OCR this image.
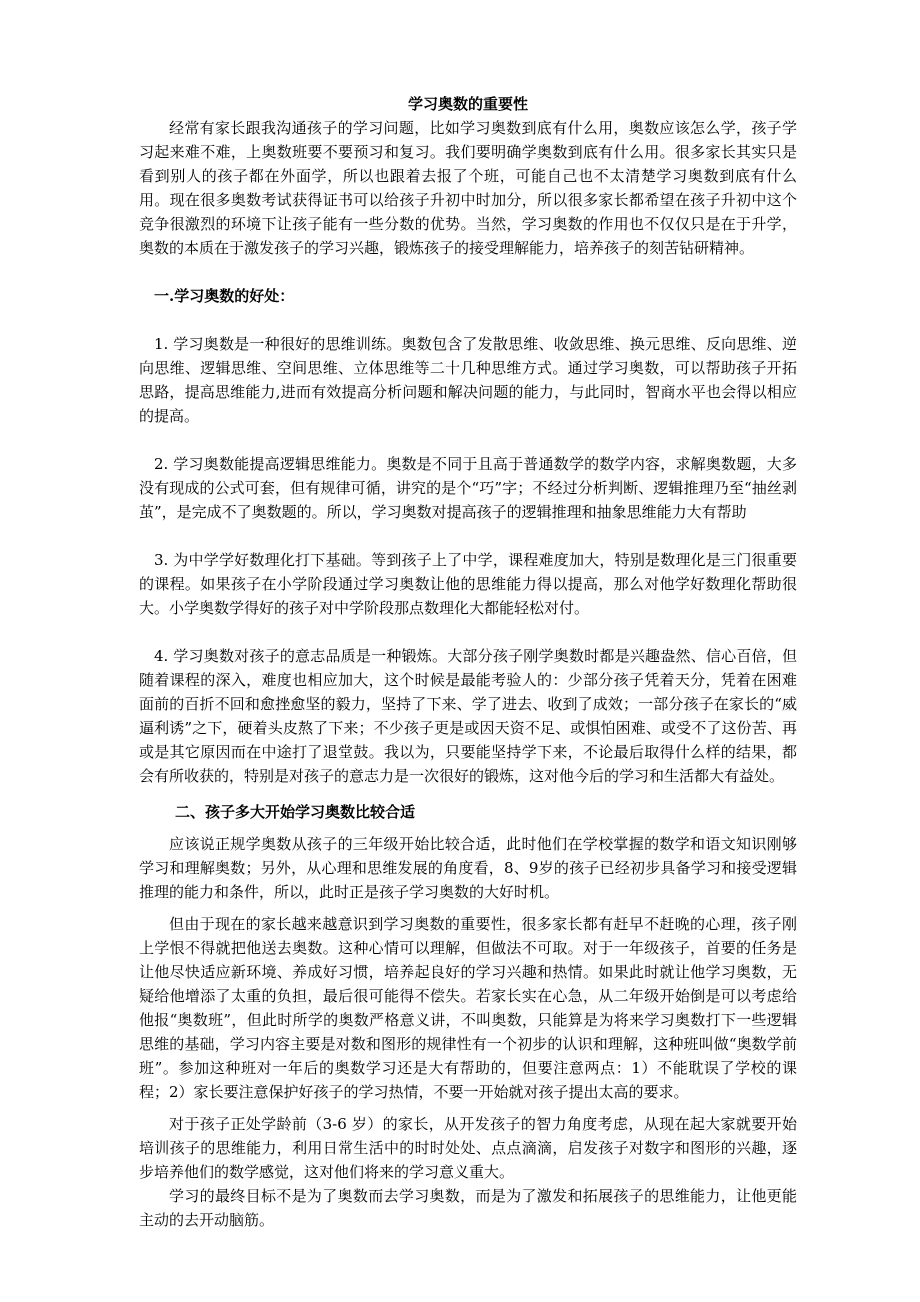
学习奥数的重要性

经常有家长跟我沟通孩子的学习问题，比如学习奥数到底有什么用，奥数应该怎么学，孩子学习起来难不难，上奥数班要不要预习和复习。我们要明确学奥数到底有什么用。很多家长其实只是看到别人的孩子都在外面学，所以也跟着去报了个班，可能自己也不太清楚学习奥数到底有什么用。现在很多奥数考试获得证书可以给孩子升初中时加分，所以很多家长都希望在孩子升初中这个竞争很激烈的环境下让孩子能有一些分数的优势。当然，学习奥数的作用也不仅仅只是在于升学，奥数的本质在于激发孩子的学习兴趣，锻炼孩子的接受理解能力，培养孩子的刻苦钻研精神。

一.学习奥数的好处：

1. 学习奥数是一种很好的思维训练。奥数包含了发散思维、收敛思维、换元思维、反向思维、逆向思维、逻辑思维、空间思维、立体思维等二十几种思维方式。通过学习奥数，可以帮助孩子开拓思路，提高思维能力,进而有效提高分析问题和解决问题的能力，与此同时，智商水平也会得以相应的提高。

2. 学习奥数能提高逻辑思维能力。奥数是不同于且高于普通数学的数学内容，求解奥数题，大多没有现成的公式可套，但有规律可循，讲究的是个“巧”字；不经过分析判断、逻辑推理乃至“抽丝剥茧”，是完成不了奥数题的。所以，学习奥数对提高孩子的逻辑推理和抽象思维能力大有帮助

3. 为中学学好数理化打下基础。等到孩子上了中学，课程难度加大，特别是数理化是三门很重要的课程。如果孩子在小学阶段通过学习奥数让他的思维能力得以提高，那么对他学好数理化帮助很大。小学奥数学得好的孩子对中学阶段那点数理化大都能轻松对付。

4. 学习奥数对孩子的意志品质是一种锻炼。大部分孩子刚学奥数时都是兴趣盎然、信心百倍，但随着课程的深入，难度也相应加大，这个时候是最能考验人的：少部分孩子凭着天分，凭着在困难面前的百折不回和愈挫愈坚的毅力，坚持了下来、学了进去、收到了成效；一部分孩子在家长的“威逼利诱”之下，硬着头皮熬了下来；不少孩子更是或因天资不足、或惧怕困难、或受不了这份苦、再或是其它原因而在中途打了退堂鼓。我以为，只要能坚持学下来，不论最后取得什么样的结果，都会有所收获的，特别是对孩子的意志力是一次很好的锻炼，这对他今后的学习和生活都大有益处。

二、孩子多大开始学习奥数比较合适

应该说正规学奥数从孩子的三年级开始比较合适，此时他们在学校掌握的数学和语文知识刚够学习和理解奥数；另外，从心理和思维发展的角度看，8、9岁的孩子已经初步具备学习和接受逻辑推理的能力和条件，所以，此时正是孩子学习奥数的大好时机。

但由于现在的家长越来越意识到学习奥数的重要性，很多家长都有赶早不赶晚的心理，孩子刚上学恨不得就把他送去奥数。这种心情可以理解，但做法不可取。对于一年级孩子，首要的任务是让他尽快适应新环境、养成好习惯，培养起良好的学习兴趣和热情。如果此时就让他学习奥数，无疑给他增添了太重的负担，最后很可能得不偿失。若家长实在心急，从二年级开始倒是可以考虑给他报“奥数班”，但此时所学的奥数严格意义讲，不叫奥数，只能算是为将来学习奥数打下一些逻辑思维的基础，学习内容主要是对数和图形的规律性有一个初步的认识和理解，这种班叫做“奥数学前班”。参加这种班对一年后的奥数学习还是大有帮助的，但要注意两点：1）不能耽误了学校的课程；2）家长要注意保护好孩子的学习热情，不要一开始就对孩子提出太高的要求。

对于孩子正处学龄前（3-6 岁）的家长，从开发孩子的智力角度考虑，从现在起大家就要开始培训孩子的思维能力，利用日常生活中的时时处处、点点滴滴，启发孩子对数字和图形的兴趣，逐步培养他们的数学感觉，这对他们将来的学习意义重大。

学习的最终目标不是为了奥数而去学习奥数，而是为了激发和拓展孩子的思维能力，让他更能主动的去开动脑筋。
